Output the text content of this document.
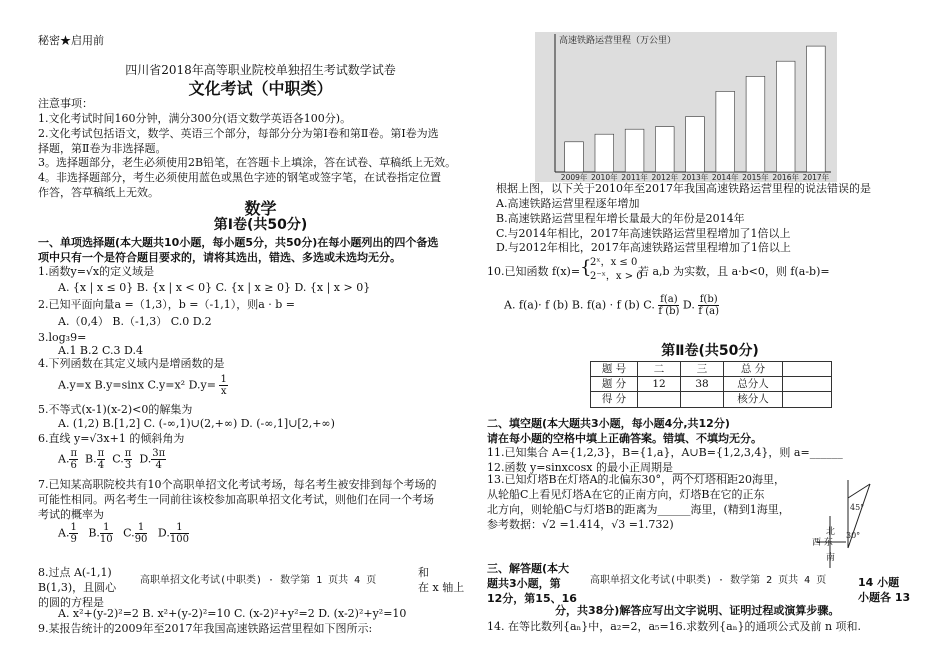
秘密★启用前
四川省2018年高等职业院校单独招生考试数学试卷
文化考试（中职类）
注意事项：
1.文化考试时间160分钟，满分300分(语文数学英语各100分)。
2.文化考试包括语文，数学、英语三个部分，每部分分为第Ⅰ卷和第Ⅱ卷。第Ⅰ卷为选
择题，第Ⅱ卷为非选择题。
3。选择题部分，老生必须使用2B铅笔，在答题卡上填涂，答在试卷、草稿纸上无效。
4。非选择题部分，考生必须使用蓝色或黑色字迹的钢笔或签字笔，在试卷指定位置
作答，答草稿纸上无效。
数学
第Ⅰ卷(共50分)
一、单项选择题(本大题共10小题，每小题5分，共50分)在每小题列出的四个备选
项中只有一个是符合题目要求的，请将其选出，错选、多选或未选均无分。
1.函数y=√x的定义域是
A. {x | x ≤ 0} B. {x | x < 0} C. {x | x ≥ 0} D. {x | x > 0}
2.已知平面向量a =（1,3），b =（-1,1），则a · b =
A.（0,4） B.（-1,3） C.0 D.2
3.log₃9=
A.1 B.2 C.3 D.4
4.下列函数在其定义域内是增函数的是
A.y=x B.y=sinx C.y=x² $D.y= \frac{1}{x}$
5.不等式(x-1)(x-2)<0的解集为
A. (1,2) B.[1,2] C. (-∞,1)∪(2,+∞) D. (-∞,1]∪[2,+∞)
6.直线 y=√3x+1 的倾斜角为
A. $\frac{\pi}{6} B$. $\frac{\pi}{4} C$. $\frac{\pi}{3} D$. $\frac{3\pi}{4}$
7.已知某高职院校共有10个高职单招文化考试考场，每名考生被安排到每个考场的
可能性相同。两名考生一同前往该校参加高职单招文化考试，则他们在同一个考场
考试的概率为
A. $\frac{1}{9} B$. $\frac{1}{10} C$. $\frac{1}{90} D$. $\frac{1}{100}$
8.过点 A(-1,1)
B(1,3)，且圆心
的圆的方程是
高职单招文化考试(中职类) · 数学第 1 页共 4 页
和
在 x 轴上
A. x²+(y-2)²=2 B. x²+(y-2)²=10 C. (x-2)²+y²=2 D. (x-2)²+y²=10
9.某报告统计的2009年至2017年我国高速铁路运营里程如下图所示:
高速铁路运营里程（万公里）
2009年 2010年 2011年 2012年 2013年 2014年 2015年 2016年 2017年
根据上图，以下关于2010年至2017年我国高速铁路运营里程的说法错误的是
A.高速铁路运营里程逐年增加
B.高速铁路运营里程年增长量最大的年份是2014年
C.与2014年相比，2017年高速铁路运营里程增加了1倍以上
D.与2012年相比，2017年高速铁路运营里程增加了1倍以上
10.已知函数 f(x)= {
2ˣ，x ≤ 0
2⁻ˣ，x > 0
若 a,b 为实数，且 a·b<0，则 f(a-b)=
A. f(a)· f (b) B. f(a) · f (b) C. $\frac{f(a)}{f (b)} D$. $\frac{f(b)}{f (a)}$
第Ⅱ卷(共50分)
题 号	二	三	总 分	
题 分	12	38	总分人	
得 分			核分人	
二、填空题(本大题共3小题，每小题4分,共12分)
请在每小题的空格中填上正确答案。错填、不填均无分。
11.已知集合 A={1,2,3}，B={1,a}，A∪B={1,2,3,4}，则 a=______
12.函数 y=sinxcosx 的最小正周期是__________
13.已知灯塔B在灯塔A的北偏东30°，两个灯塔相距20海里，
从轮船C上看见灯塔A在它的正南方向，灯塔B在它的正东
北方向，则轮船C与灯塔B的距离为______海里，(精到1海里，
参考数据：√2 =1.414，√3 =1.732)
45°
30°
北
西 东
南
三、解答题(本大
题共3小题，第
12分，第15、16
高职单招文化考试(中职类) · 数学第 2 页共 4 页	14 小题
小题各 13
分，共38分)解答应写出文字说明、证明过程或演算步骤。
14. 在等比数列{aₙ}中，a₂=2，a₅=16.求数列{aₙ}的通项公式及前 n 项和.
